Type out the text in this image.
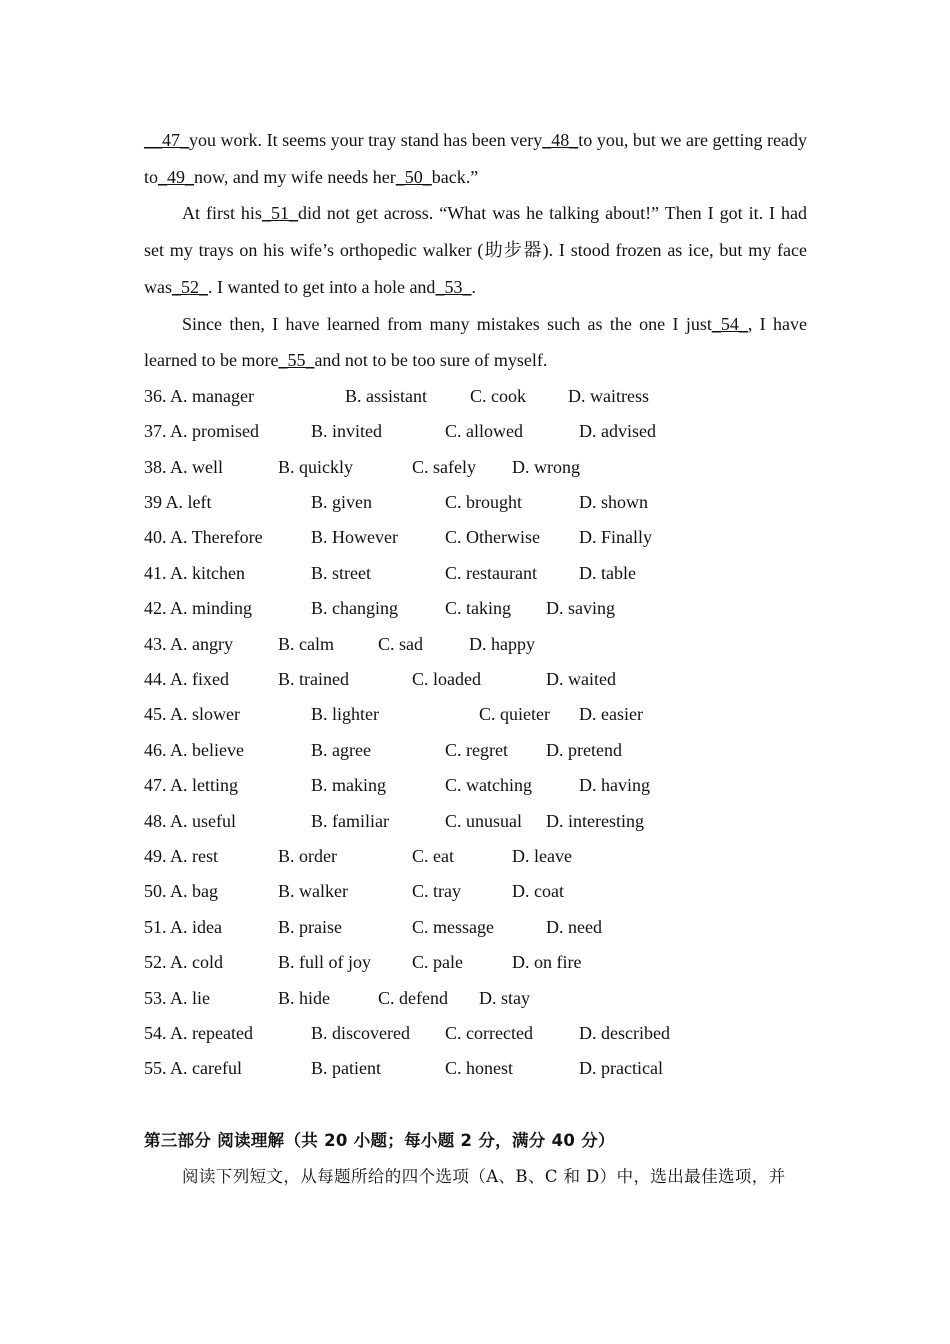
__47_you work. It seems your tray stand has been very_48_to you, but we are getting ready to_49_now, and my wife needs her_50_back.”

At first his_51_did not get across. “What was he talking about!” Then I got it. I had set my trays on his wife’s orthopedic walker (助步器). I stood frozen as ice, but my face was_52_. I wanted to get into a hole and_53_.

Since then, I have learned from many mistakes such as the one I just_54_, I have learned to be more_55_and not to be too sure of myself.

36. A. manager	B. assistant C. cook D. waitress
37. A. promised	B. invited	C. allowed	D. advised
38. A. well	B. quickly	C. safely D. wrong
39 A. left	B. given	C. brought	D. shown
40. A. Therefore	B. However	C. Otherwise D. Finally
41. A. kitchen	B. street	C. restaurant D. table
42. A. minding	B. changing	C. taking D. saving
43. A. angry	B. calm C. sad	D. happy
44. A. fixed	B. trained	C. loaded	D. waited
45. A. slower	B. lighter	C. quieter D. easier
46. A. believe	B. agree	C. regret D. pretend
47. A. letting	B. making	C. watching	D. having
48. A. useful	B. familiar	C. unusual D. interesting
49. A. rest	B. order	C. eat	D. leave
50. A. bag	B. walker	C. tray	D. coat
51. A. idea	B. praise	C. message	D. need
52. A. cold	B. full of joy C. pale	D. on fire
53. A. lie	B. hide	C. defend D. stay
54. A. repeated	B. discovered C. corrected	D. described
55. A. careful	B. patient	C. honest	D. practical
第三部分 阅读理解（共 20 小题；每小题 2 分，满分 40 分）
阅读下列短文，从每题所给的四个选项（A、B、C 和 D）中，选出最佳选项，并
